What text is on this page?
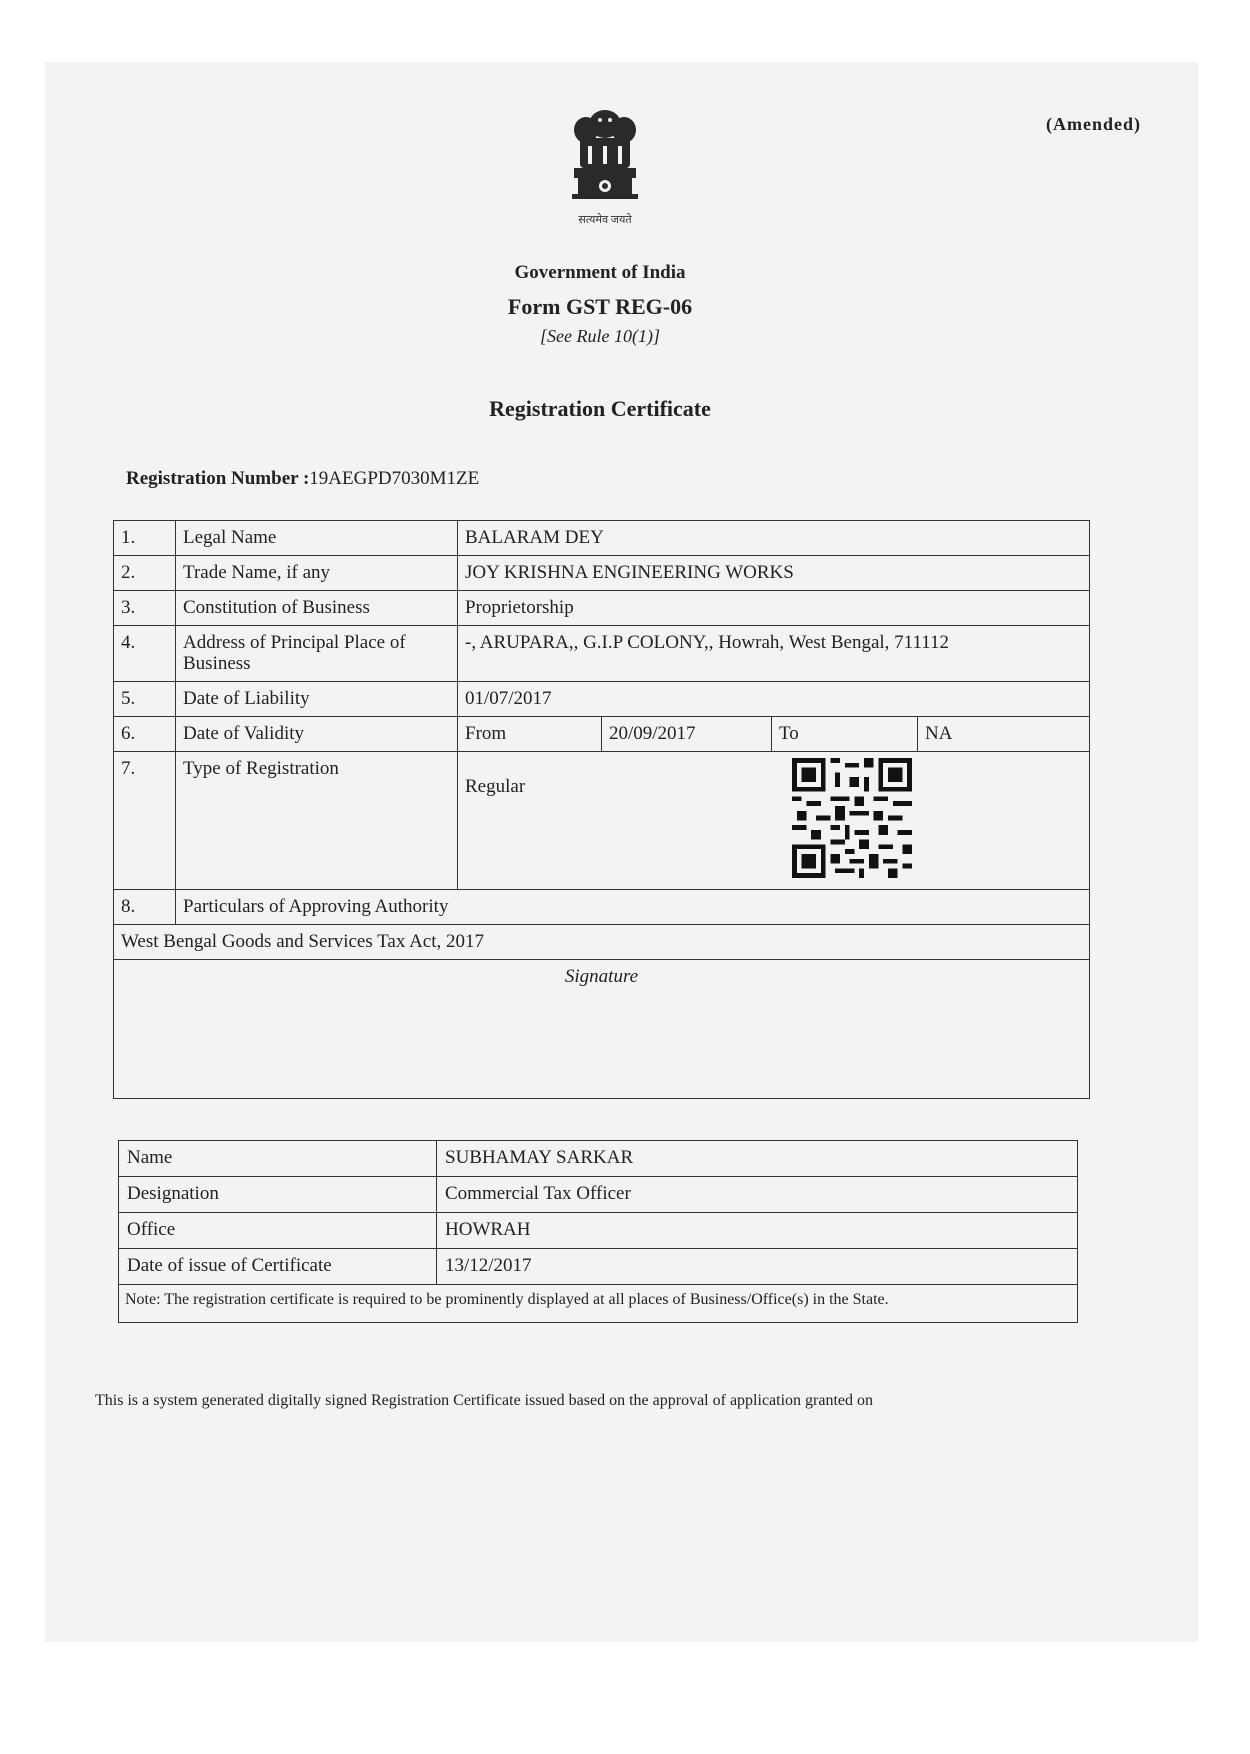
(Amended)
सत्यमेव जयते
Government of India
Form GST REG-06
[See Rule 10(1)]
Registration Certificate
Registration Number :19AEGPD7030M1ZE
1.	Legal Name	BALARAM DEY			
2.	Trade Name, if any	JOY KRISHNA ENGINEERING WORKS			
3.	Constitution of Business	Proprietorship			
4.	Address of Principal Place of Business	-, ARUPARA,, G.I.P COLONY,, Howrah, West Bengal, 711112			
5.	Date of Liability	01/07/2017			
6.	Date of Validity	From	20/09/2017	To	NA
7.	Type of Registration	Regular			

8.	Particulars of Approving Authority				
West Bengal Goods and Services Tax Act, 2017					
Signature					
Name	SUBHAMAY SARKAR
Designation	Commercial Tax Officer
Office	HOWRAH
Date of issue of Certificate	13/12/2017
Note: The registration certificate is required to be prominently displayed at all places of Business/Office(s) in the State.	
This is a system generated digitally signed Registration Certificate issued based on the approval of application granted on
